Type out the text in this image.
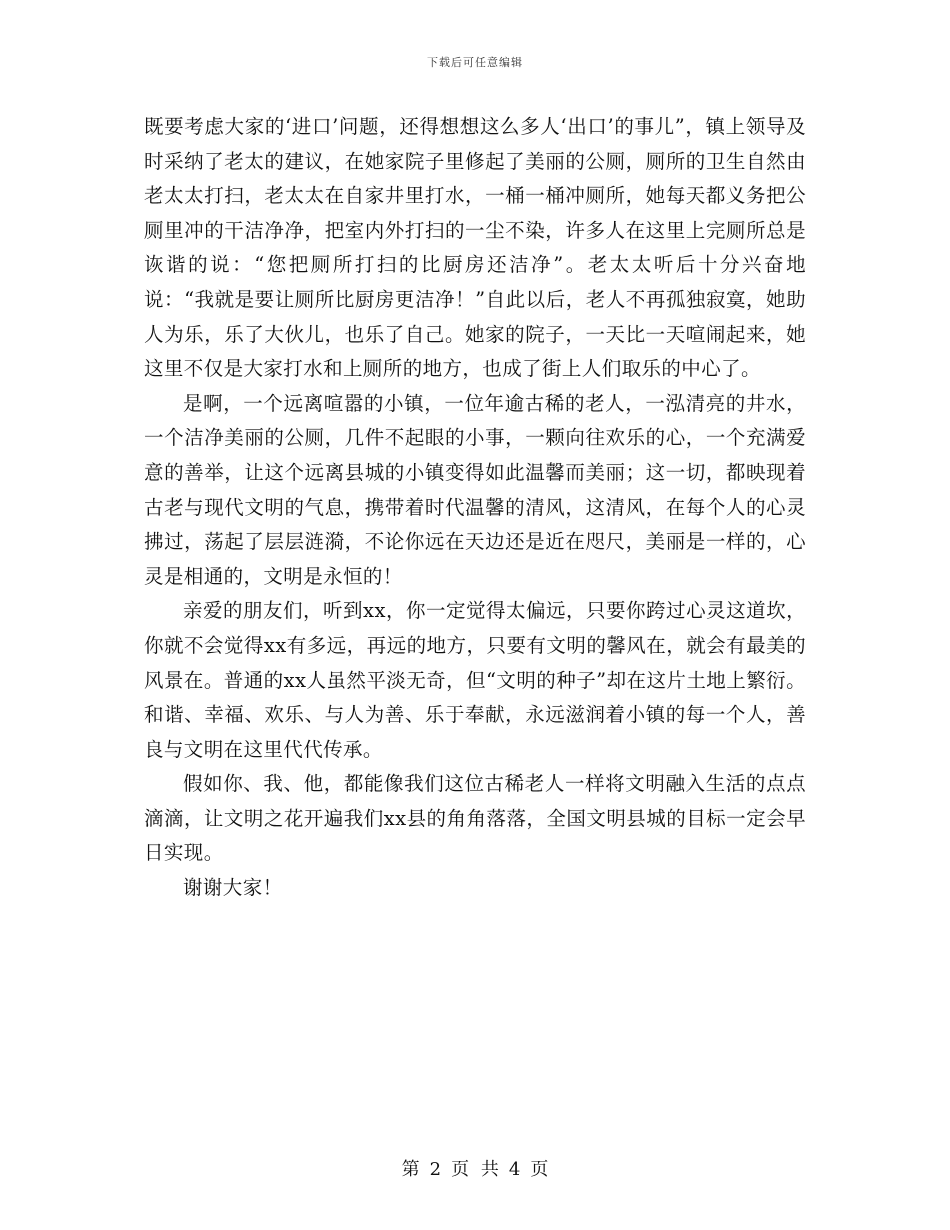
下载后可任意编辑

既要考虑大家的‘进口’问题，还得想想这么多人‘出口’的事儿”，镇上领导及时采纳了老太的建议，在她家院子里修起了美丽的公厕，厕所的卫生自然由老太太打扫，老太太在自家井里打水，一桶一桶冲厕所，她每天都义务把公厕里冲的干洁净净，把室内外打扫的一尘不染，许多人在这里上完厕所总是诙谐的说：“您把厕所打扫的比厨房还洁净”。老太太听后十分兴奋地说：“我就是要让厕所比厨房更洁净！”自此以后，老人不再孤独寂寞，她助人为乐，乐了大伙儿，也乐了自己。她家的院子，一天比一天喧闹起来，她这里不仅是大家打水和上厕所的地方，也成了街上人们取乐的中心了。

是啊，一个远离喧嚣的小镇，一位年逾古稀的老人，一泓清亮的井水，一个洁净美丽的公厕，几件不起眼的小事，一颗向往欢乐的心，一个充满爱意的善举，让这个远离县城的小镇变得如此温馨而美丽；这一切，都映现着古老与现代文明的气息，携带着时代温馨的清风，这清风，在每个人的心灵拂过，荡起了层层涟漪，不论你远在天边还是近在咫尺，美丽是一样的，心灵是相通的，文明是永恒的！

亲爱的朋友们，听到xx，你一定觉得太偏远，只要你跨过心灵这道坎，你就不会觉得xx有多远，再远的地方，只要有文明的馨风在，就会有最美的风景在。普通的xx人虽然平淡无奇，但“文明的种子”却在这片土地上繁衍。和谐、幸福、欢乐、与人为善、乐于奉献，永远滋润着小镇的每一个人，善良与文明在这里代代传承。

假如你、我、他，都能像我们这位古稀老人一样将文明融入生活的点点滴滴，让文明之花开遍我们xx县的角角落落，全国文明县城的目标一定会早日实现。

谢谢大家！

第 2 页 共 4 页
